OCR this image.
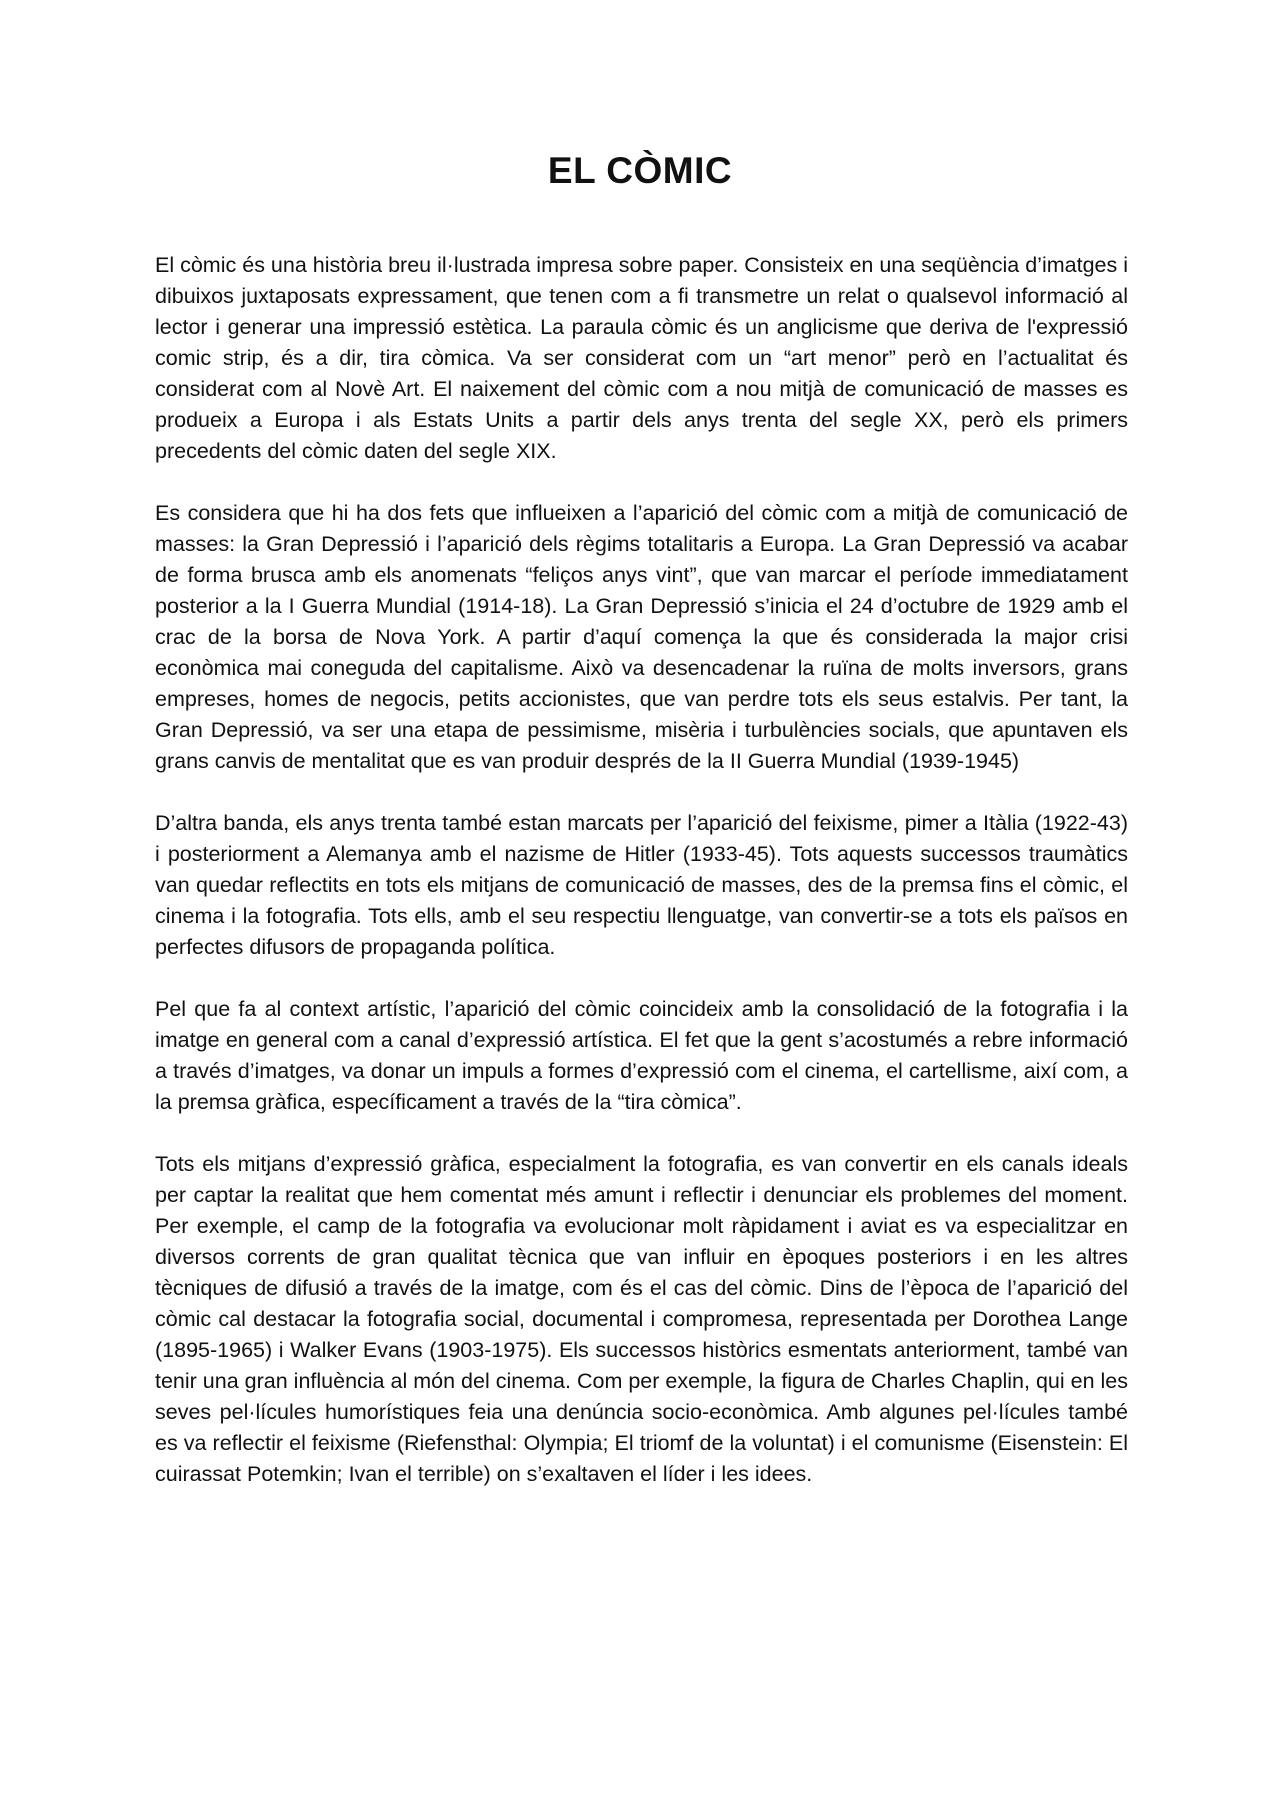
EL CÒMIC

El còmic és una història breu il·lustrada impresa sobre paper. Consisteix en una seqüència d’imatges i dibuixos juxtaposats expressament, que tenen com a fi transmetre un relat o qualsevol informació al lector i generar una impressió estètica. La paraula còmic és un anglicisme que deriva de l'expressió comic strip, és a dir, tira còmica. Va ser considerat com un “art menor” però en l’actualitat és considerat com al Novè Art. El naixement del còmic com a nou mitjà de comunicació de masses es produeix a Europa i als Estats Units a partir dels anys trenta del segle XX, però els primers precedents del còmic daten del segle XIX.

Es considera que hi ha dos fets que influeixen a l’aparició del còmic com a mitjà de comunicació de masses: la Gran Depressió i l’aparició dels règims totalitaris a Europa. La Gran Depressió va acabar de forma brusca amb els anomenats “feliços anys vint”, que van marcar el període immediatament posterior a la I Guerra Mundial (1914-18). La Gran Depressió s’inicia el 24 d’octubre de 1929 amb el crac de la borsa de Nova York. A partir d’aquí comença la que és considerada la major crisi econòmica mai coneguda del capitalisme. Això va desencadenar la ruïna de molts inversors, grans empreses, homes de negocis, petits accionistes, que van perdre tots els seus estalvis. Per tant, la Gran Depressió, va ser una etapa de pessimisme, misèria i turbulències socials, que apuntaven els grans canvis de mentalitat que es van produir després de la II Guerra Mundial (1939-1945)

D’altra banda, els anys trenta també estan marcats per l’aparició del feixisme, pimer a Itàlia (1922-43) i posteriorment a Alemanya amb el nazisme de Hitler (1933-45). Tots aquests successos traumàtics van quedar reflectits en tots els mitjans de comunicació de masses, des de la premsa fins el còmic, el cinema i la fotografia. Tots ells, amb el seu respectiu llenguatge, van convertir-se a tots els països en perfectes difusors de propaganda política.

Pel que fa al context artístic, l’aparició del còmic coincideix amb la consolidació de la fotografia i la imatge en general com a canal d’expressió artística. El fet que la gent s’acostumés a rebre informació a través d’imatges, va donar un impuls a formes d’expressió com el cinema, el cartellisme, així com, a la premsa gràfica, específicament a través de la “tira còmica”.

Tots els mitjans d’expressió gràfica, especialment la fotografia, es van convertir en els canals ideals per captar la realitat que hem comentat més amunt i reflectir i denunciar els problemes del moment. Per exemple, el camp de la fotografia va evolucionar molt ràpidament i aviat es va especialitzar en diversos corrents de gran qualitat tècnica que van influir en èpoques posteriors i en les altres tècniques de difusió a través de la imatge, com és el cas del còmic. Dins de l’època de l’aparició del còmic cal destacar la fotografia social, documental i compromesa, representada per Dorothea Lange (1895-1965) i Walker Evans (1903-1975). Els successos històrics esmentats anteriorment, també van tenir una gran influència al món del cinema. Com per exemple, la figura de Charles Chaplin, qui en les seves pel·lícules humorístiques feia una denúncia socio-econòmica. Amb algunes pel·lícules també es va reflectir el feixisme (Riefensthal: Olympia; El triomf de la voluntat) i el comunisme (Eisenstein: El cuirassat Potemkin; Ivan el terrible) on s’exaltaven el líder i les idees.
